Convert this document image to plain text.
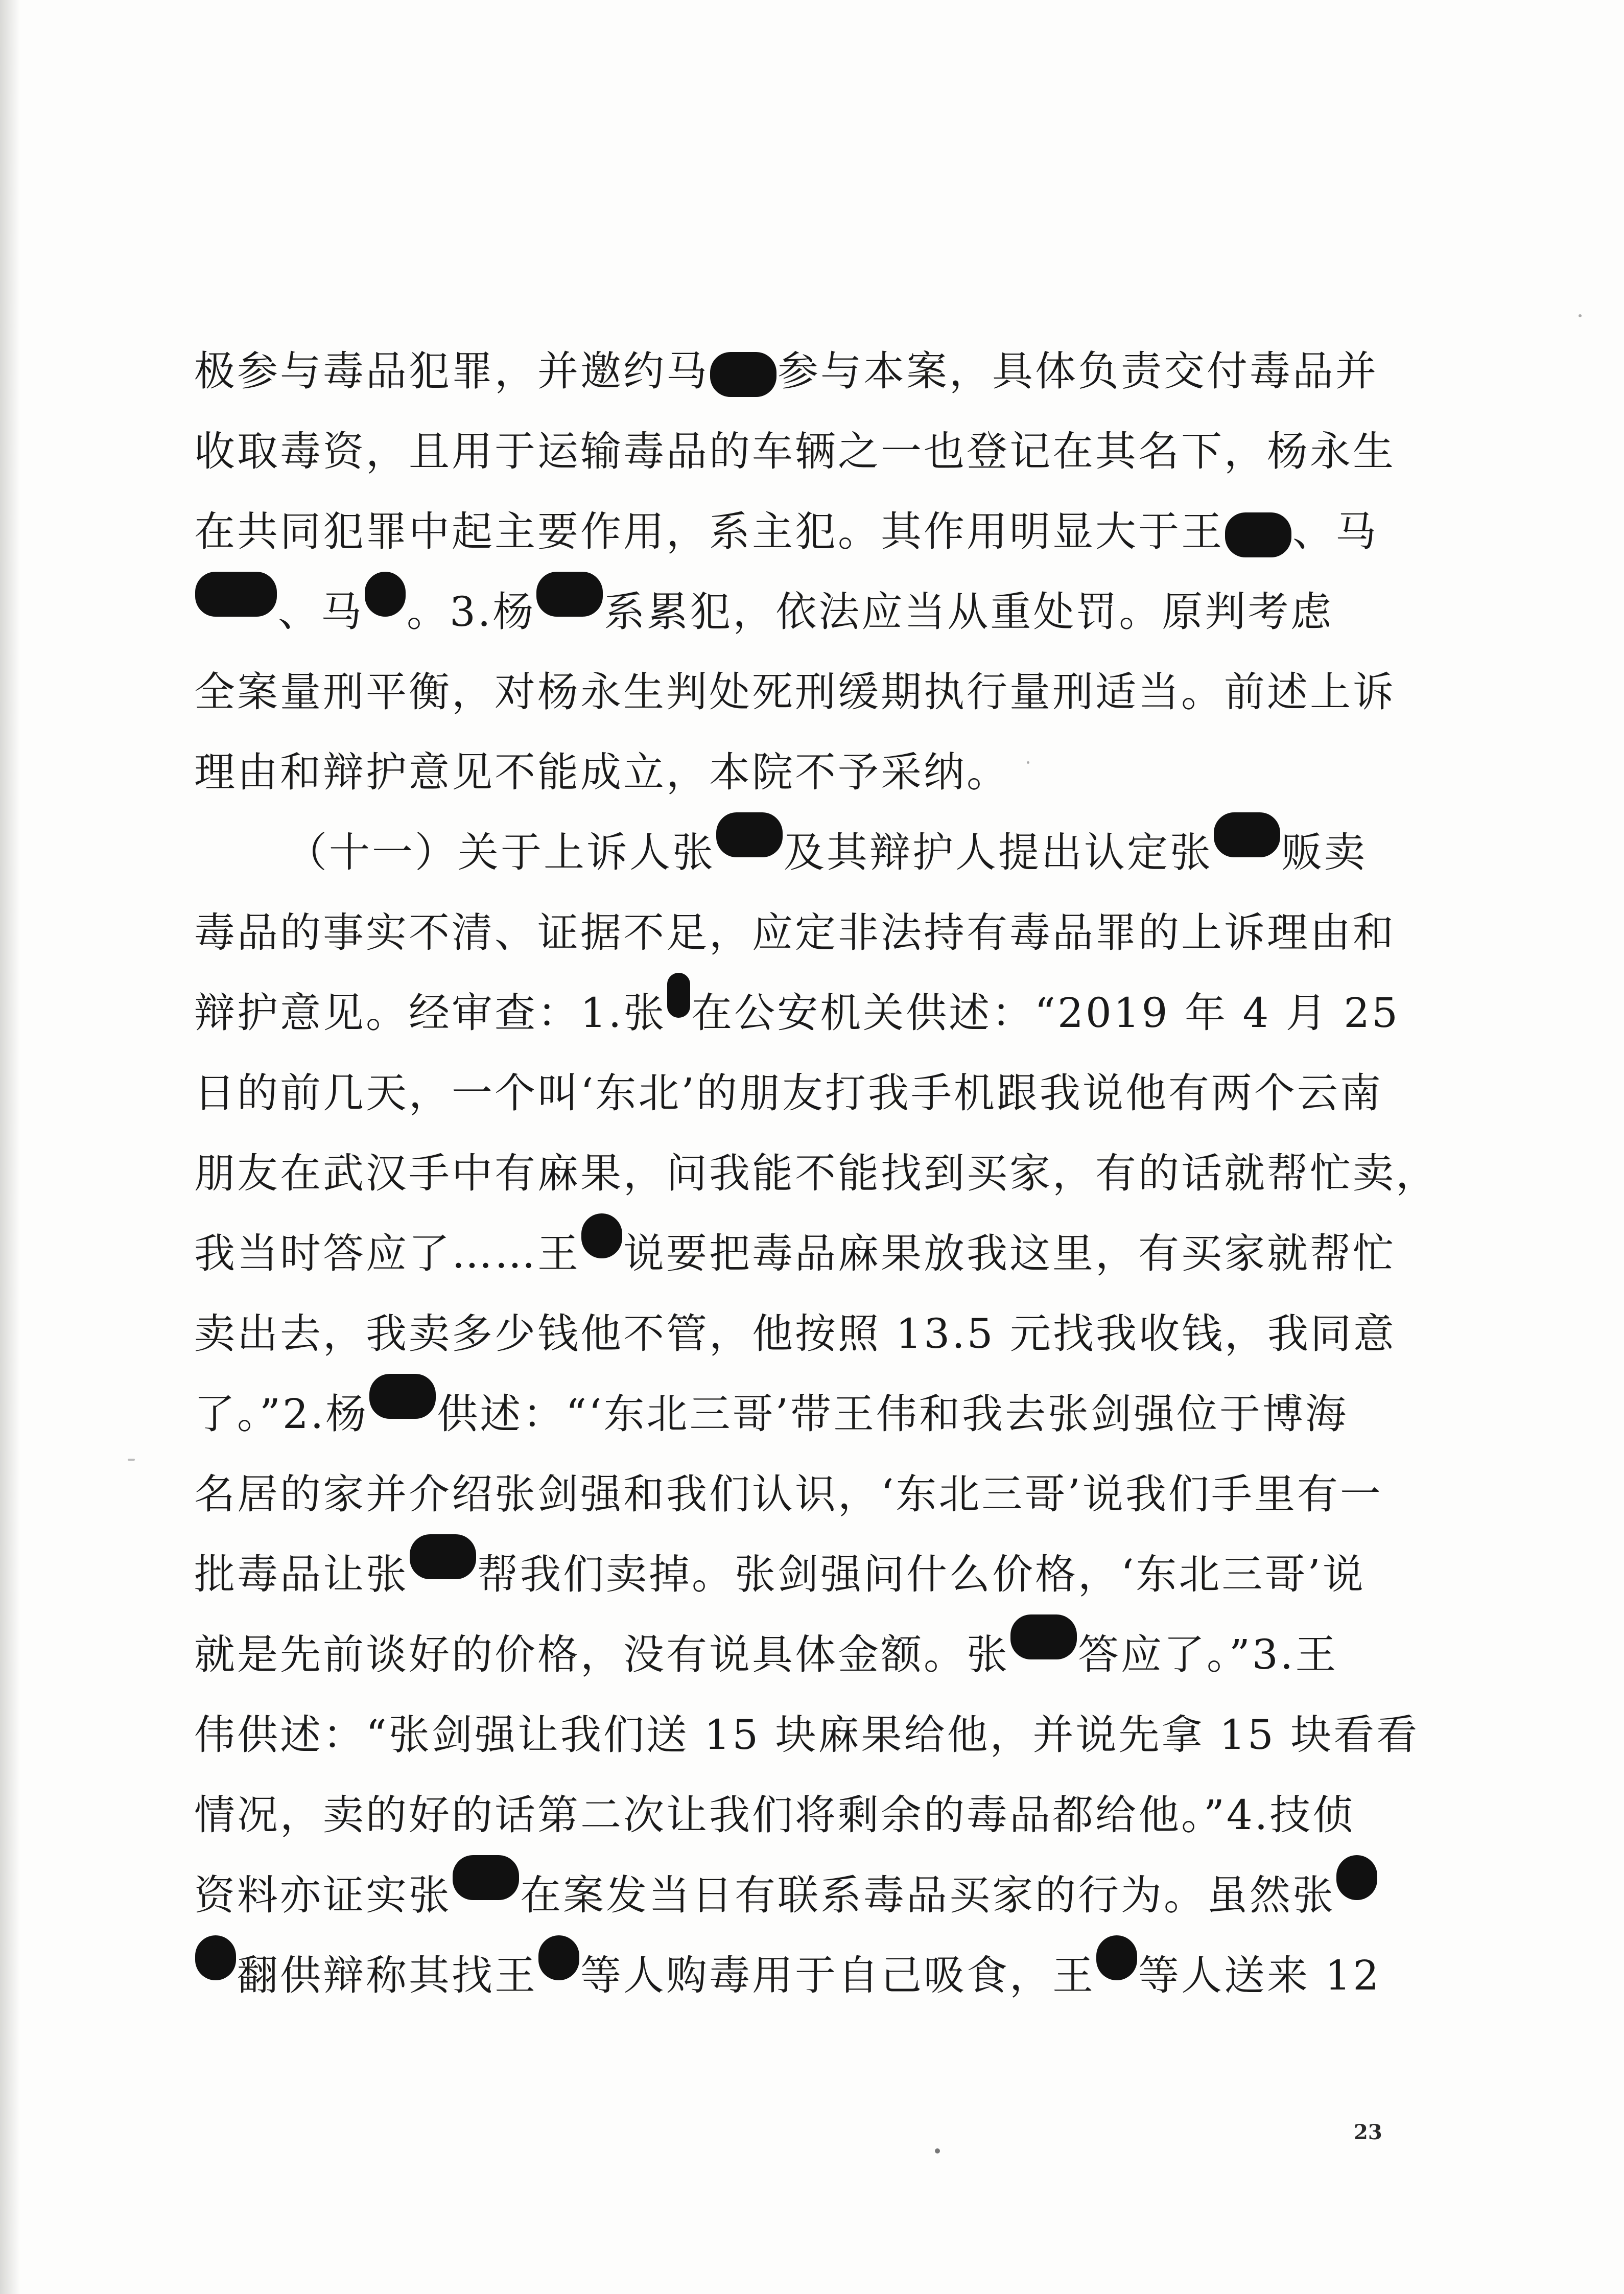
极参与毒品犯罪，并邀约马 参与本案，具体负责交付毒品并
收取毒资，且用于运输毒品的车辆之一也登记在其名下，杨永生
在共同犯罪中起主要作用，系主犯。其作用明显大于王 、马
、马 。3.杨 系累犯，依法应当从重处罚。原判考虑
全案量刑平衡，对杨永生判处死刑缓期执行量刑适当。前述上诉
理由和辩护意见不能成立，本院不予采纳。
（十一）关于上诉人张 及其辩护人提出认定张 贩卖
毒品的事实不清、证据不足，应定非法持有毒品罪的上诉理由和
辩护意见。经审查：1.张 在公安机关供述：“2019 年 4 月 25
日的前几天，一个叫‘东北’的朋友打我手机跟我说他有两个云南
朋友在武汉手中有麻果，问我能不能找到买家，有的话就帮忙卖，
我当时答应了……王 说要把毒品麻果放我这里，有买家就帮忙
卖出去，我卖多少钱他不管，他按照 13.5 元找我收钱，我同意
了。”2.杨 供述：“‘东北三哥’带王伟和我去张剑强位于博海
名居的家并介绍张剑强和我们认识，‘东北三哥’说我们手里有一
批毒品让张 帮我们卖掉。张剑强问什么价格，‘东北三哥’说
就是先前谈好的价格，没有说具体金额。张 答应了。”3.王
伟供述：“张剑强让我们送 15 块麻果给他，并说先拿 15 块看看
情况，卖的好的话第二次让我们将剩余的毒品都给他。”4.技侦
资料亦证实张 在案发当日有联系毒品买家的行为。虽然张
翻供辩称其找王 等人购毒用于自己吸食，王 等人送来 12
23
